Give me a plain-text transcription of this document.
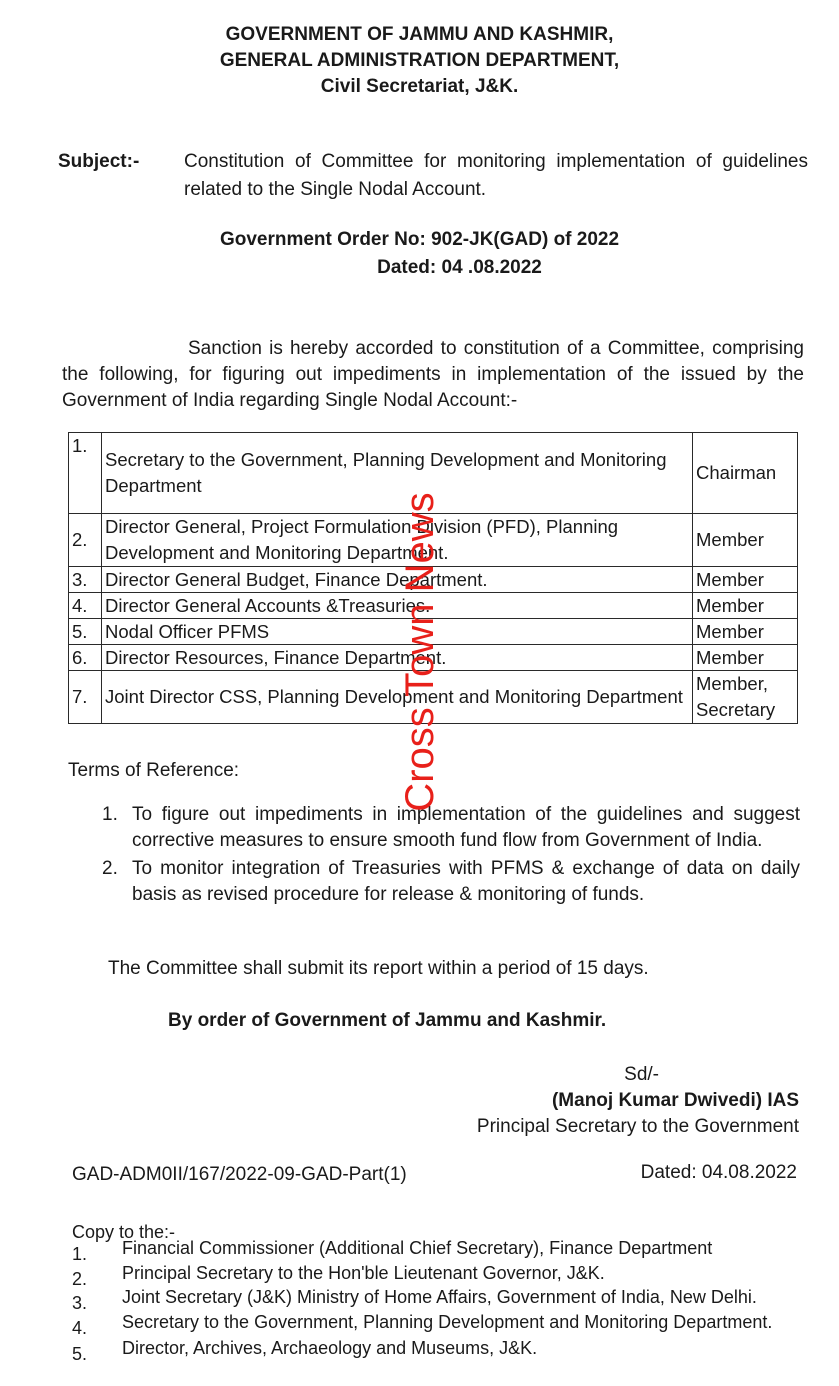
GOVERNMENT OF JAMMU AND KASHMIR,
GENERAL ADMINISTRATION DEPARTMENT,
Civil Secretariat, J&K.
Subject:- Constitution of Committee for monitoring implementation of guidelines related to the Single Nodal Account.
Government Order No: 902-JK(GAD) of 2022
Dated: 04 .08.2022
Sanction is hereby accorded to constitution of a Committee, comprising the following, for figuring out impediments in implementation of the issued by the Government of India regarding Single Nodal Account:-
1.	Secretary to the Government, Planning Development and Monitoring Department	Chairman
2.	Director General, Project Formulation Division (PFD), Planning Development and Monitoring Department.	Member
3.	Director General Budget, Finance Department.	Member
4.	Director General Accounts &Treasuries.	Member
5.	Nodal Officer PFMS	Member
6.	Director Resources, Finance Department.	Member
7.	Joint Director CSS, Planning Development and Monitoring Department	Member, Secretary
Terms of Reference:
1. To figure out impediments in implementation of the guidelines and suggest corrective measures to ensure smooth fund flow from Government of India.
2. To monitor integration of Treasuries with PFMS & exchange of data on daily basis as revised procedure for release & monitoring of funds.
The Committee shall submit its report within a period of 15 days.
By order of Government of Jammu and Kashmir.
Sd/-
(Manoj Kumar Dwivedi) IAS
Principal Secretary to the Government
GAD-ADM0II/167/2022-09-GAD-Part(1)	Dated: 04.08.2022
Copy to the:-
1. Financial Commissioner (Additional Chief Secretary), Finance Department
2. Principal Secretary to the Hon'ble Lieutenant Governor, J&K.
3. Joint Secretary (J&K) Ministry of Home Affairs, Government of India, New Delhi.
4. Secretary to the Government, Planning Development and Monitoring Department.
5. Director, Archives, Archaeology and Museums, J&K.
Cross Town News
